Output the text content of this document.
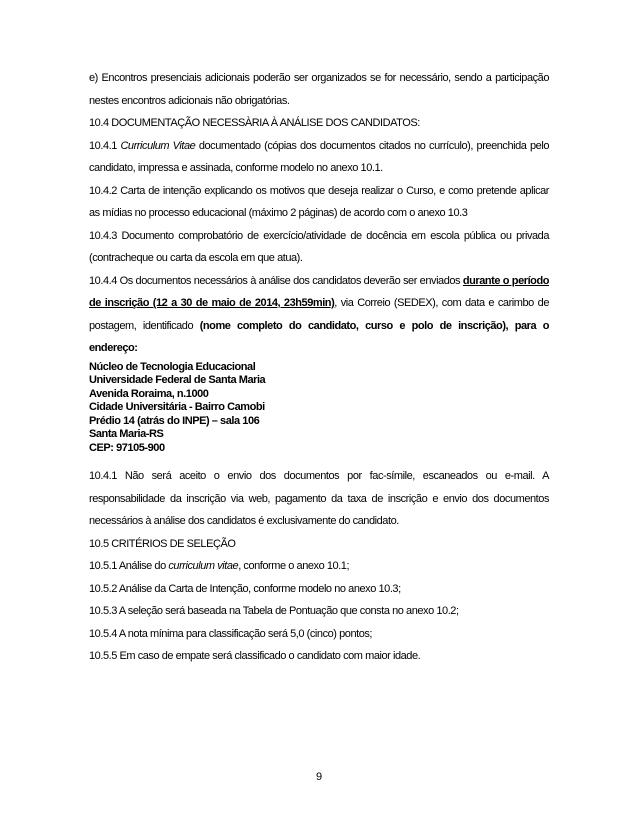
e) Encontros presenciais adicionais poderão ser organizados se for necessário, sendo a participação nestes encontros adicionais não obrigatórias.

10.4 DOCUMENTAÇÃO NECESSÀRIA À ANÁLISE DOS CANDIDATOS:

10.4.1 Curriculum Vitae documentado (cópias dos documentos citados no currículo), preenchida pelo candidato, impressa e assinada, conforme modelo no anexo 10.1.

10.4.2 Carta de intenção explicando os motivos que deseja realizar o Curso, e como pretende aplicar as mídias no processo educacional (máximo 2 páginas) de acordo com o anexo 10.3

10.4.3 Documento comprobatório de exercício/atividade de docência em escola pública ou privada (contracheque ou carta da escola em que atua).

10.4.4 Os documentos necessários à análise dos candidatos deverão ser enviados durante o período de inscrição (12 a 30 de maio de 2014, 23h59min), via Correio (SEDEX), com data e carimbo de postagem, identificado (nome completo do candidato, curso e polo de inscrição), para o endereço:

Núcleo de Tecnologia Educacional
Universidade Federal de Santa Maria
Avenida Roraima, n.1000
Cidade Universitária - Bairro Camobi
Prédio 14 (atrás do INPE) – sala 106
Santa Maria-RS
CEP: 97105-900

10.4.1 Não será aceito o envio dos documentos por fac-símile, escaneados ou e-mail. A responsabilidade da inscrição via web, pagamento da taxa de inscrição e envio dos documentos necessários à análise dos candidatos é exclusivamente do candidato.

10.5 CRITÉRIOS DE SELEÇÃO

10.5.1 Análise do curriculum vitae, conforme o anexo 10.1;

10.5.2 Análise da Carta de Intenção, conforme modelo no anexo 10.3;

10.5.3 A seleção será baseada na Tabela de Pontuação que consta no anexo 10.2;

10.5.4 A nota mínima para classificação será 5,0 (cinco) pontos;

10.5.5 Em caso de empate será classificado o candidato com maior idade.

9
